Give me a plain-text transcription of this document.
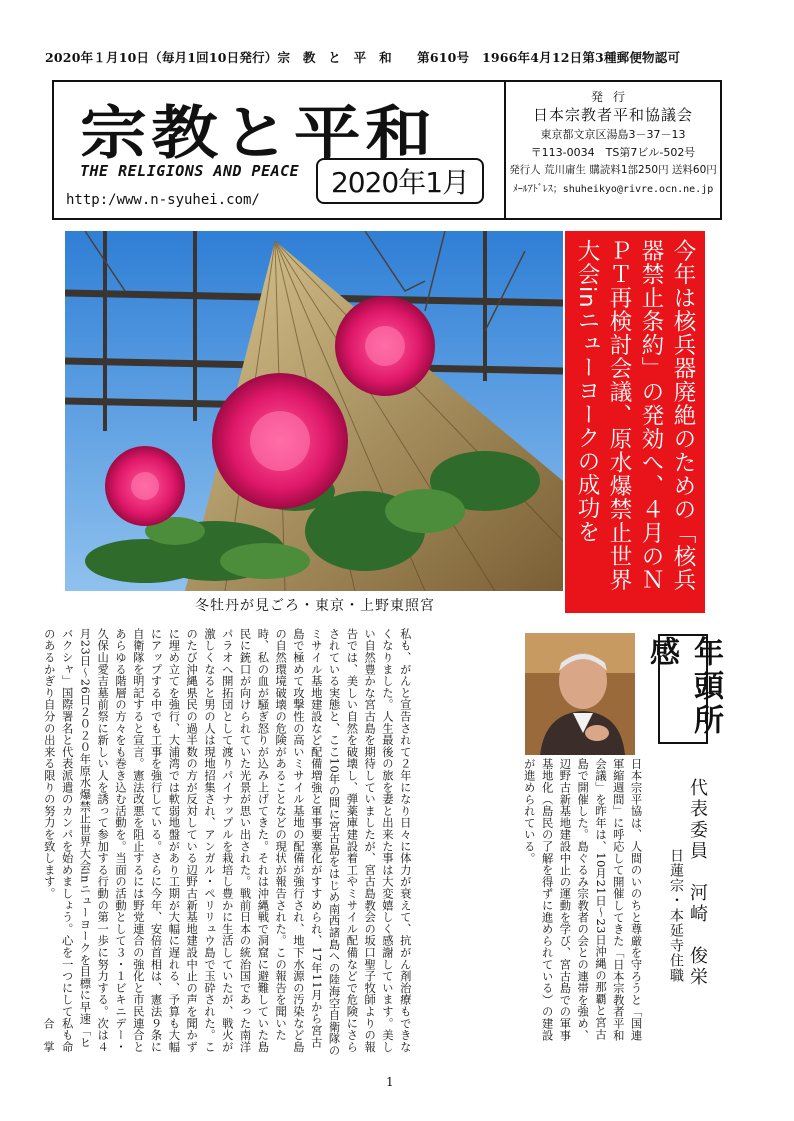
2020年１月10日（毎月1回10日発行）宗　教　と　平　和　　第610号　1966年4月12日第3種郵便物認可
宗教と平和
THE RELIGIONS AND PEACE
http:/www.n-syuhei.com/
2020年1月
発行
日本宗教者平和協議会
東京都文京区湯島3－37－13
〒113-0034　TS第7ビル-502号
発行人 荒川庸生 購読料1部250円 送料60円
ﾒｰﾙｱﾄﾞﾚｽ；shuheikyo@rivre.ocn.ne.jp
冬牡丹が見ごろ・東京・上野東照宮

今年は核兵器廃絶のための「核兵器禁止条約」の発効へ、４月のＮＰＴ再検討会議、原水爆禁止世界大会inニューヨークの成功を

年頭所感

代表委員　河崎　俊栄

日蓮宗・本延寺住職

日本宗平協は、人間のいのちと尊厳を守ろうと「国連軍縮週間」に呼応して開催してきた「日本宗教者平和会議」を昨年は、10月21日～23日沖縄の那覇と宮古島で開催した。島ぐるみ宗教者の会との連帯を強め、辺野古新基地建設中止の運動を学び、宮古島での軍事基地化（島民の了解を得ずに進められている）の建設が進められている。

私も、がんと宣告されて２年になり日々に体力が衰えて、抗がん剤治療もできなくなりました。人生最後の旅を妻と出来た事は大変嬉しく感謝しています。美しい自然豊かな宮古島を期待していましたが、宮古島教会の坂口聖子牧師よりの報告では、美しい自然を破壊し、弾薬庫建設着工やミサイル配備などで危険にさらされている実態と、ここ10年の間に宮古島をはじめ南西諸島への陸海空自衛隊のミサイル基地建設など配備増強と軍事要塞化がすすめられ、17年11月から宮古島で極めて攻撃性の高いミサイル基地の配備が強行され、地下水源の汚染など島の自然環境破壊の危険があることなどの現状が報告された。この報告を聞いた時、私の血が騒ぎ怒りが込み上げてきた。それは沖縄戦で洞窟に避難していた島民に銃口が向けられていた光景が思い出された。戦前日本の統治国であった南洋パラオへ開拓団として渡りパイナップルを栽培し豊かに生活していたが、戦火が激しくなると男の人は現地招集され、アンガル・ペリリュウ島で玉砕された。このたび沖縄県民の過半数の方が反対している辺野古新基地建設中止の声を聞かずに埋め立てを強行、大浦湾では軟弱地盤があり工期が大幅に遅れる、予算も大幅にアップする中でも工事を強行している。さらに今年、安倍首相は、憲法９条に自衛隊を明記すると宣言。憲法改悪を阻止するには野党連合の強化と市民連合とあらゆる階層の方々をも巻き込む活動を。当面の活動として３・１ビキニデー・久保山愛吉墓前祭に新しい人を誘って参加する行動の第一歩に努力する。次は４月23日～26日２０２０年原水爆禁止世界大会inニューヨークを目標に早速「ヒバクシャ」国際署名と代表派遣のカンパを始めましょう。心を一つにして私も命のあるかぎり自分の出来る限りの努力を致します。

合掌
1
